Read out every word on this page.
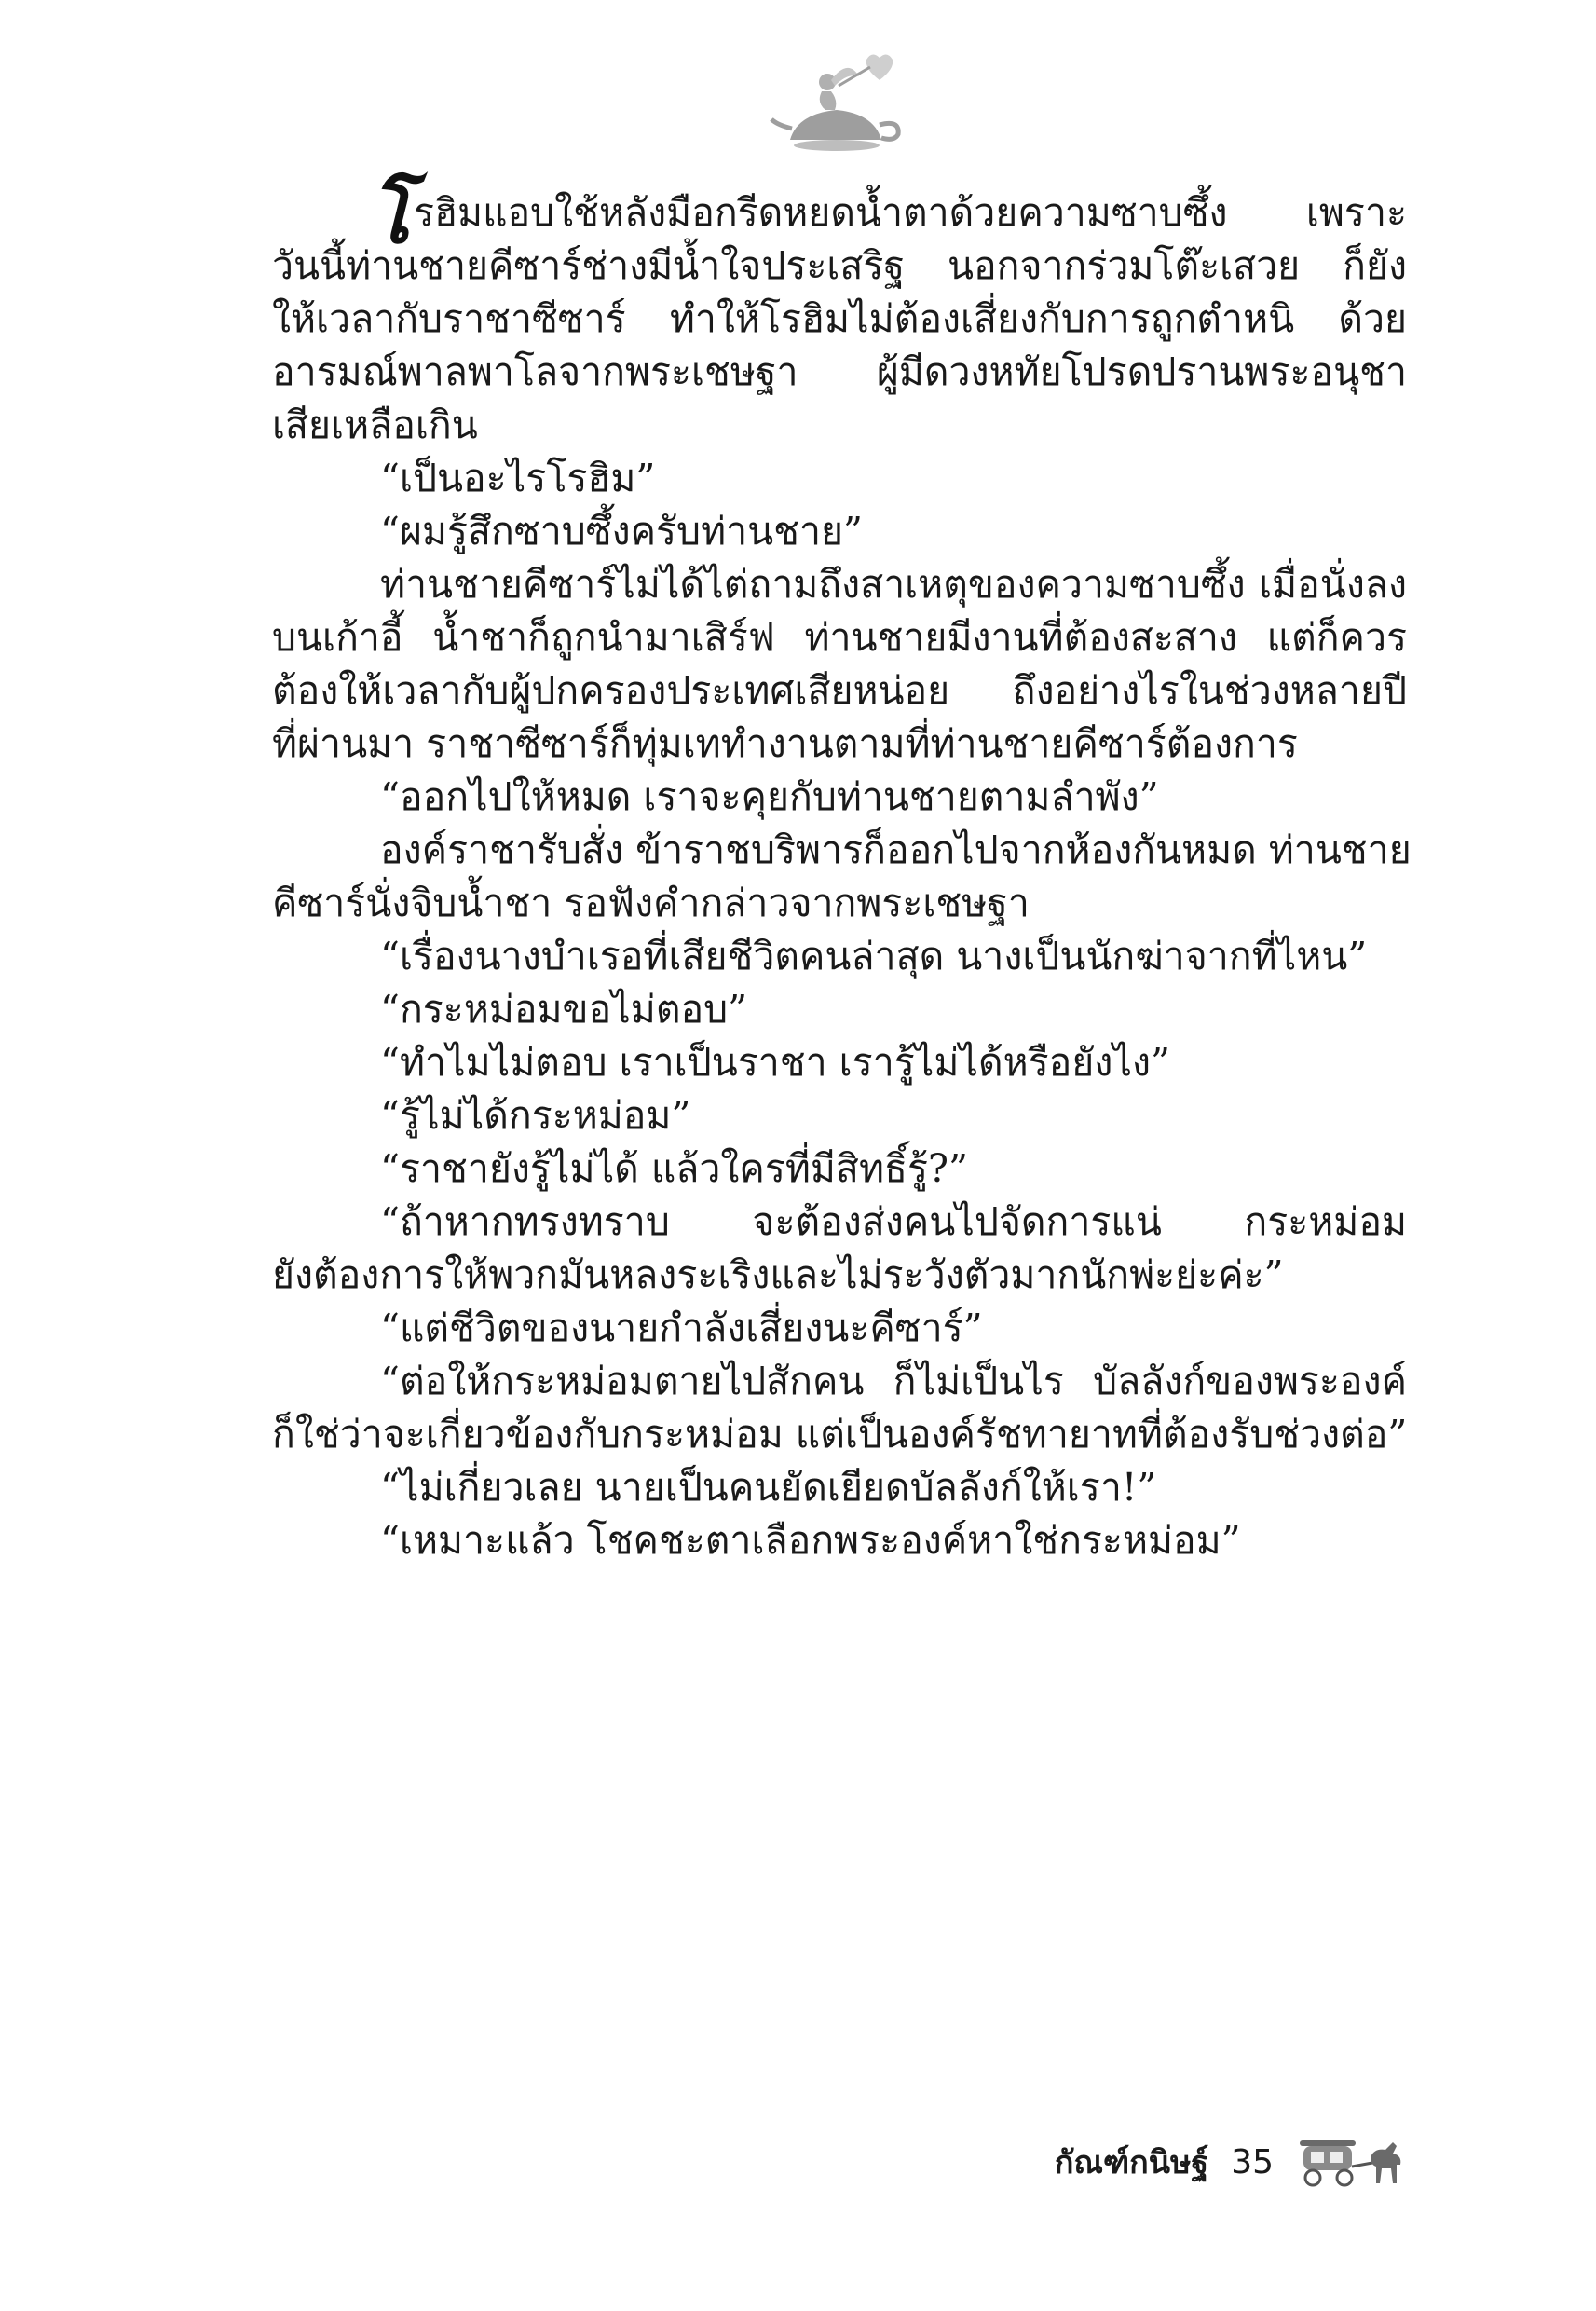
โ รฮิมแอบใช้หลังมือกรีดหยดน้ำตาด้วยความซาบซึ้ง เพราะ
วันนี้ท่านชายคีซาร์ช่างมีน้ำใจประเสริฐ นอกจากร่วมโต๊ะเสวย ก็ยัง
ให้เวลากับราชาซีซาร์ ทำให้โรฮิมไม่ต้องเสี่ยงกับการถูกตำหนิ ด้วย
อารมณ์พาลพาโลจากพระเชษฐา ผู้มีดวงหทัยโปรดปรานพระอนุชา
เสียเหลือเกิน
“เป็นอะไรโรฮิม”
“ผมรู้สึกซาบซึ้งครับท่านชาย”
ท่านชายคีซาร์ไม่ได้ไต่ถามถึงสาเหตุของความซาบซึ้ง เมื่อนั่งลง
บนเก้าอี้ น้ำชาก็ถูกนำมาเสิร์ฟ ท่านชายมีงานที่ต้องสะสาง แต่ก็ควร
ต้องให้เวลากับผู้ปกครองประเทศเสียหน่อย ถึงอย่างไรในช่วงหลายปี
ที่ผ่านมา ราชาซีซาร์ก็ทุ่มเททำงานตามที่ท่านชายคีซาร์ต้องการ
“ออกไปให้หมด เราจะคุยกับท่านชายตามลำพัง”
องค์ราชารับสั่ง ข้าราชบริพารก็ออกไปจากห้องกันหมด ท่านชาย
คีซาร์นั่งจิบน้ำชา รอฟังคำกล่าวจากพระเชษฐา
“เรื่องนางบำเรอที่เสียชีวิตคนล่าสุด นางเป็นนักฆ่าจากที่ไหน”
“กระหม่อมขอไม่ตอบ”
“ทำไมไม่ตอบ เราเป็นราชา เรารู้ไม่ได้หรือยังไง”
“รู้ไม่ได้กระหม่อม”
“ราชายังรู้ไม่ได้ แล้วใครที่มีสิทธิ์รู้?”
“ถ้าหากทรงทราบ จะต้องส่งคนไปจัดการแน่ กระหม่อม
ยังต้องการให้พวกมันหลงระเริงและไม่ระวังตัวมากนักพ่ะย่ะค่ะ”
“แต่ชีวิตของนายกำลังเสี่ยงนะคีซาร์”
“ต่อให้กระหม่อมตายไปสักคน ก็ไม่เป็นไร บัลลังก์ของพระองค์
ก็ใช่ว่าจะเกี่ยวข้องกับกระหม่อม แต่เป็นองค์รัชทายาทที่ต้องรับช่วงต่อ”
“ไม่เกี่ยวเลย นายเป็นคนยัดเยียดบัลลังก์ให้เรา!”
“เหมาะแล้ว โชคชะตาเลือกพระองค์หาใช่กระหม่อม”
กัณฑ์กนิษฐ์ 35
